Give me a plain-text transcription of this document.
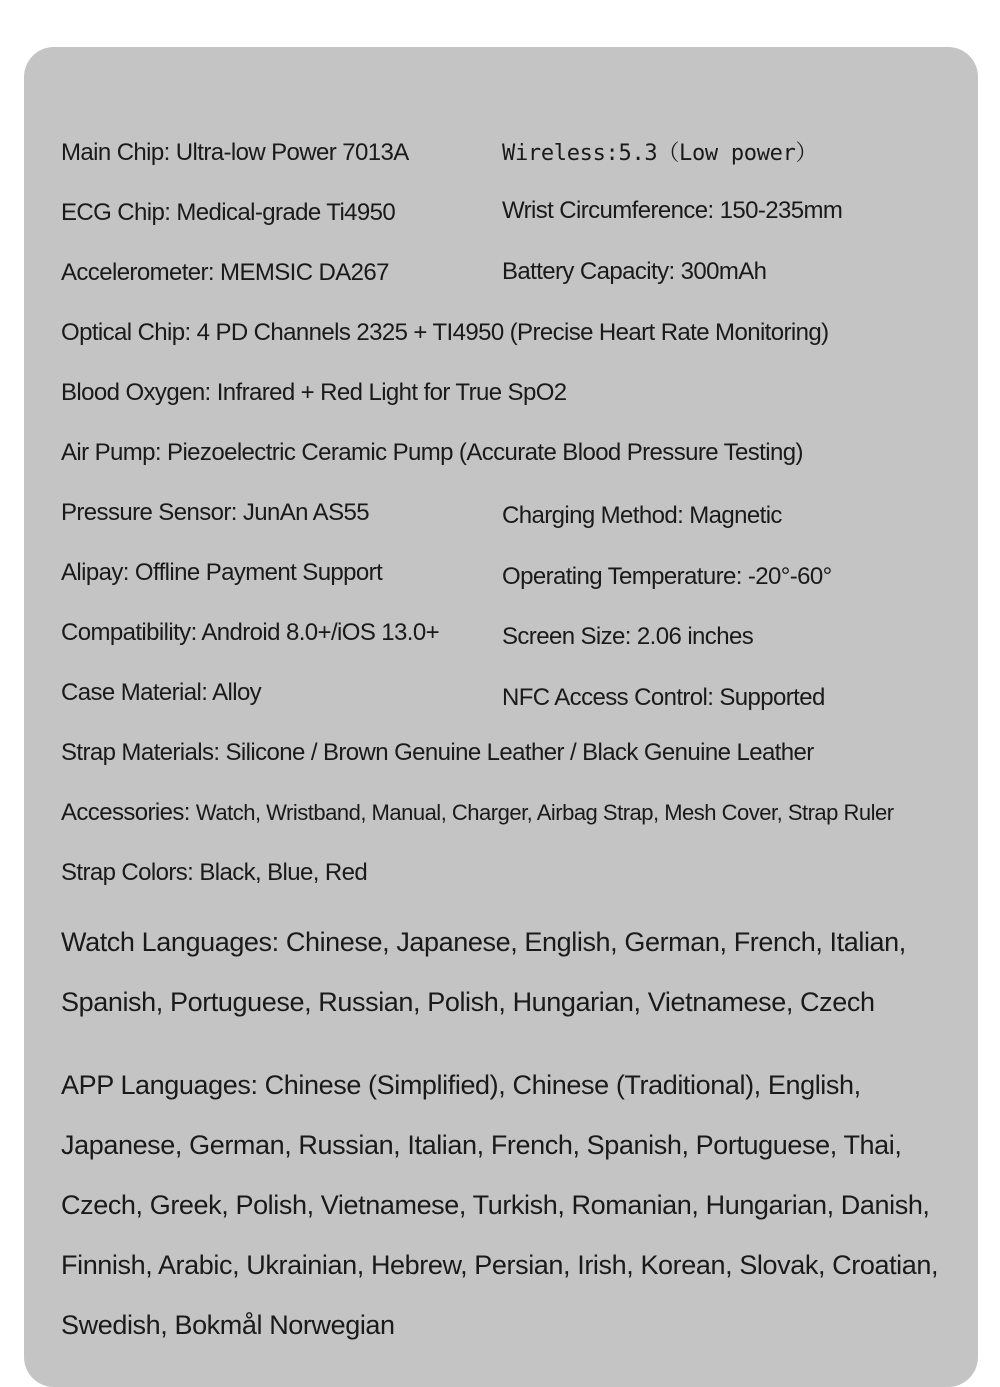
Main Chip: Ultra-low Power 7013A	Wireless:5.3（Low power）
ECG Chip: Medical-grade Ti4950	Wrist Circumference: 150-235mm
Accelerometer: MEMSIC DA267	Battery Capacity: 300mAh
Optical Chip: 4 PD Channels 2325 + TI4950 (Precise Heart Rate Monitoring)
Blood Oxygen: Infrared + Red Light for True SpO2
Air Pump: Piezoelectric Ceramic Pump (Accurate Blood Pressure Testing)
Pressure Sensor: JunAn AS55	Charging Method: Magnetic
Alipay: Offline Payment Support	Operating Temperature: -20°-60°
Compatibility: Android 8.0+/iOS 13.0+	Screen Size: 2.06 inches
Case Material: Alloy	NFC Access Control: Supported
Strap Materials: Silicone / Brown Genuine Leather / Black Genuine Leather
Accessories: Watch, Wristband, Manual, Charger, Airbag Strap, Mesh Cover, Strap Ruler
Strap Colors: Black, Blue, Red
Watch Languages: Chinese, Japanese, English, German, French, Italian,
Spanish, Portuguese, Russian, Polish, Hungarian, Vietnamese, Czech
APP Languages: Chinese (Simplified), Chinese (Traditional), English,
Japanese, German, Russian, Italian, French, Spanish, Portuguese, Thai,
Czech, Greek, Polish, Vietnamese, Turkish, Romanian, Hungarian, Danish,
Finnish, Arabic, Ukrainian, Hebrew, Persian, Irish, Korean, Slovak, Croatian,
Swedish, Bokmål Norwegian
